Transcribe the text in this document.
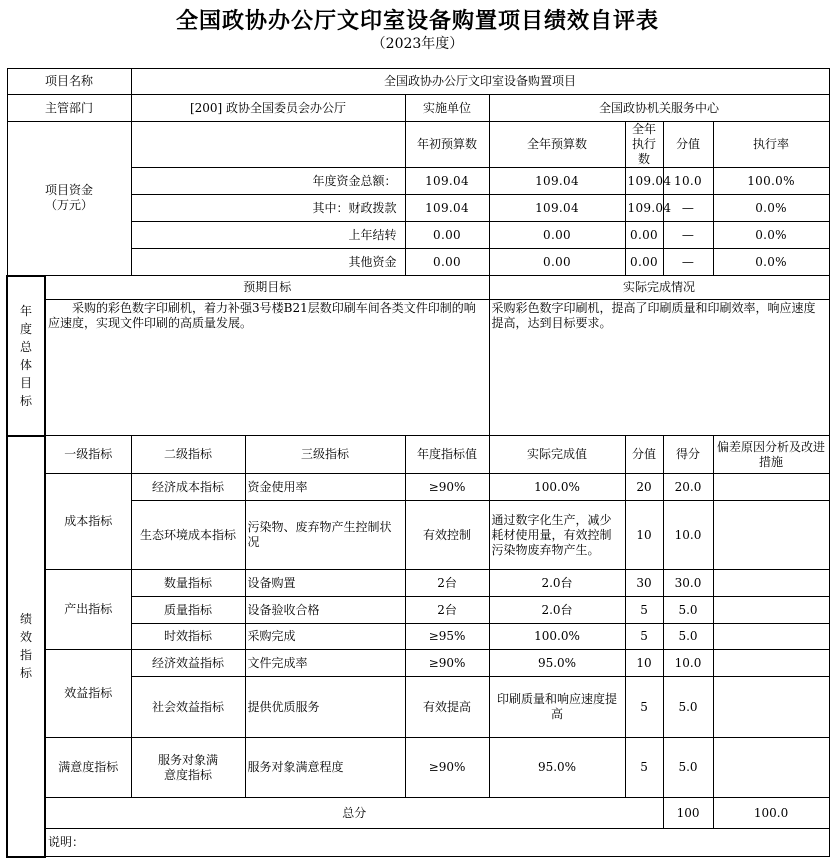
全国政协办公厅文印室设备购置项目绩效自评表
（2023年度）
项目名称		全国政协办公厅文印室设备购置项目							
主管部门		[200] 政协全国委员会办公厅		实施单位	全国政协机关服务中心				

项目资金
（万元）				年初预算数	全年预算数	全年执行数	分值	执行率	
		年度资金总额：		109.04	109.04	109.04	10.0	100.0%	
		其中：财政拨款		109.04	109.04	109.04	—	0.0%	
		上年结转		0.00	0.00	0.00	—	0.0%	
		其他资金		0.00	0.00	0.00	—	0.0%	

年度总体目标	预期目标				实际完成情况				
	采购的彩色数字印刷机，着力补强3号楼B21层数印刷车间各类文件印制的响应速度，实现文件印刷的高质量发展。				采购彩色数字印刷机，提高了印刷质量和印刷效率，响应速度提高，达到目标要求。				

绩效指标	一级指标	二级指标	三级指标	年度指标值	实际完成值	分值	得分	偏差原因分析及改进措施	
	成本指标	经济成本指标	资金使用率	≥90%	100.0%	20	20.0		
		生态环境成本指标	污染物、废弃物产生控制状况	有效控制	通过数字化生产，减少耗材使用量，有效控制污染物废弃物产生。	10	10.0		
	产出指标	数量指标	设备购置	2台	2.0台	30	30.0		
		质量指标	设备验收合格	2台	2.0台	5	5.0		
		时效指标	采购完成	≥95%	100.0%	5	5.0		
	效益指标	经济效益指标	文件完成率	≥90%	95.0%	10	10.0		
		社会效益指标	提供优质服务	有效提高	印刷质量和响应速度提高	5	5.0		
	满意度指标	服务对象满意度指标	服务对象满意程度	≥90%	95.0%	5	5.0		
	总分						100	100.0	
	说明：								
